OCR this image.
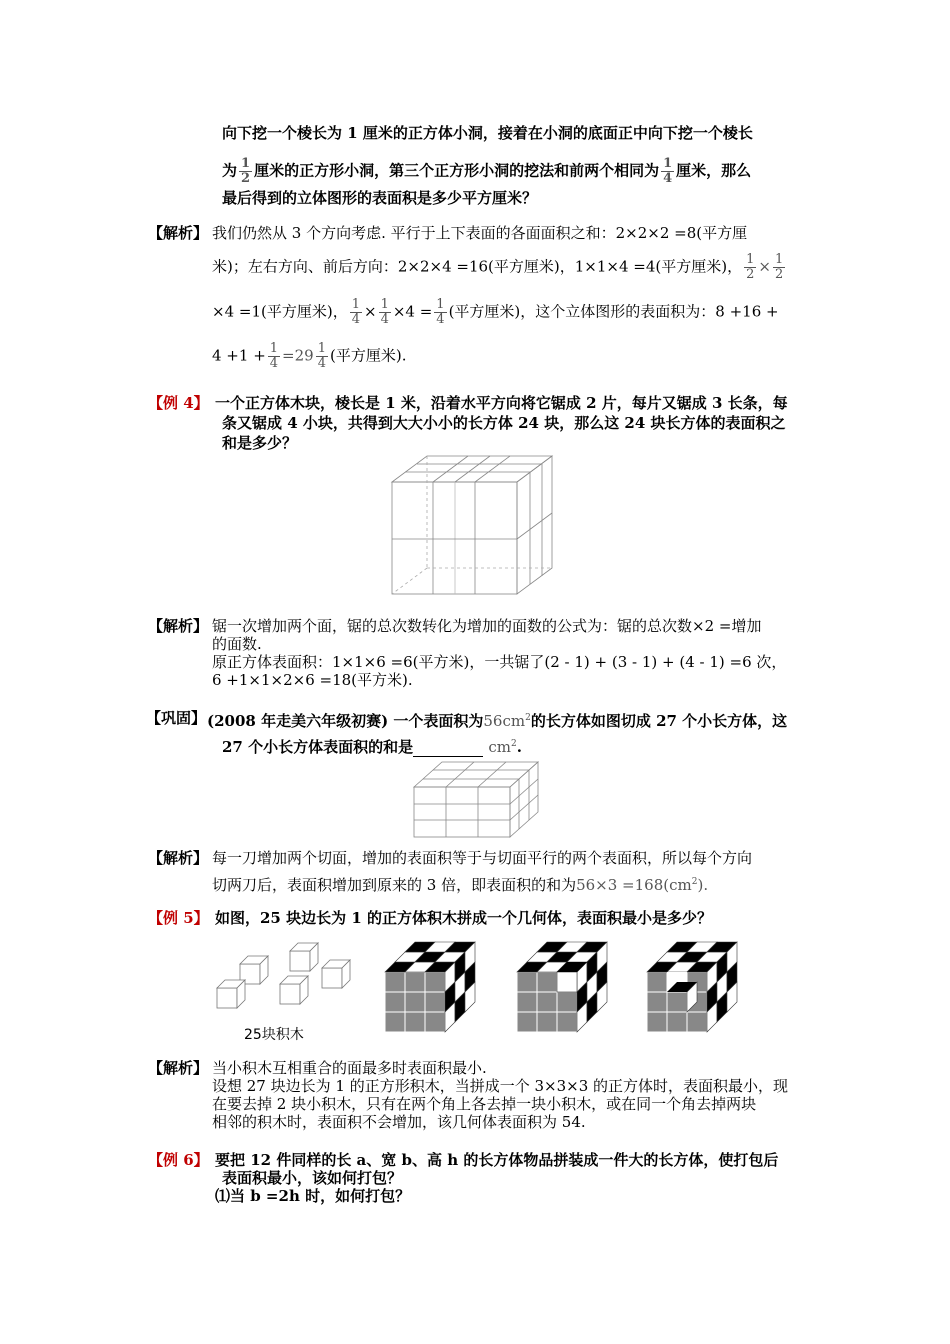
向下挖一个棱长为 1 厘米的正方体小洞，接着在小洞的底面正中向下挖一个棱长
为 $\frac{1}{2}$ 厘米的正方形小洞，第三个正方形小洞的挖法和前两个相同为 $\frac{1}{4}$ 厘米，那么
最后得到的立体图形的表面积是多少平方厘米？
【解析】 我们仍然从 3 个方向考虑. 平行于上下表面的各面面积之和：2×2×2 =8(平方厘
米)；左右方向、前后方向：2×2×4 =16(平方厘米)，1×1×4 =4(平方厘米)， $\frac{1}{2} \times \frac{1}{2}$
×4 =1(平方厘米)， $\frac{1}{4} \times \frac{1}{4} \times 4 = \frac{1}{4}$ (平方厘米)，这个立体图形的表面积为：8 +16 +
$4 +1 + \frac{1}{4} =29 \frac{1}{4}$ (平方厘米).
【例 4】 一个正方体木块，棱长是 1 米，沿着水平方向将它锯成 2 片，每片又锯成 3 长条，每
条又锯成 4 小块，共得到大大小小的长方体 24 块，那么这 24 块长方体的表面积之
和是多少？
【解析】 锯一次增加两个面，锯的总次数转化为增加的面数的公式为：锯的总次数×2 =增加
的面数.
原正方体表面积：1×1×6 =6(平方米)，一共锯了(2 - 1) + (3 - 1) + (4 - 1) =6 次，
6 +1×1×2×6 =18(平方米).
【巩固】 (2008 年走美六年级初赛) 一个表面积为$56cm^2$的长方体如图切成 27 个小长方体，这
27 个小长方体表面积的和是	$cm^2$.
【解析】 每一刀增加两个切面，增加的表面积等于与切面平行的两个表面积，所以每个方向
切两刀后，表面积增加到原来的 3 倍，即表面积的和为$56\times 3 =168(cm^2)$.
【例 5】 如图，25 块边长为 1 的正方体积木拼成一个几何体，表面积最小是多少？
25块积木
【解析】 当小积木互相重合的面最多时表面积最小.
设想 27 块边长为 1 的正方形积木，当拼成一个 3×3×3 的正方体时，表面积最小，现
在要去掉 2 块小积木，只有在两个角上各去掉一块小积木，或在同一个角去掉两块
相邻的积木时，表面积不会增加，该几何体表面积为 54.
【例 6】 要把 12 件同样的长 a、宽 b、高 h 的长方体物品拼装成一件大的长方体，使打包后
表面积最小，该如何打包？
⑴当 b =2h 时，如何打包？
